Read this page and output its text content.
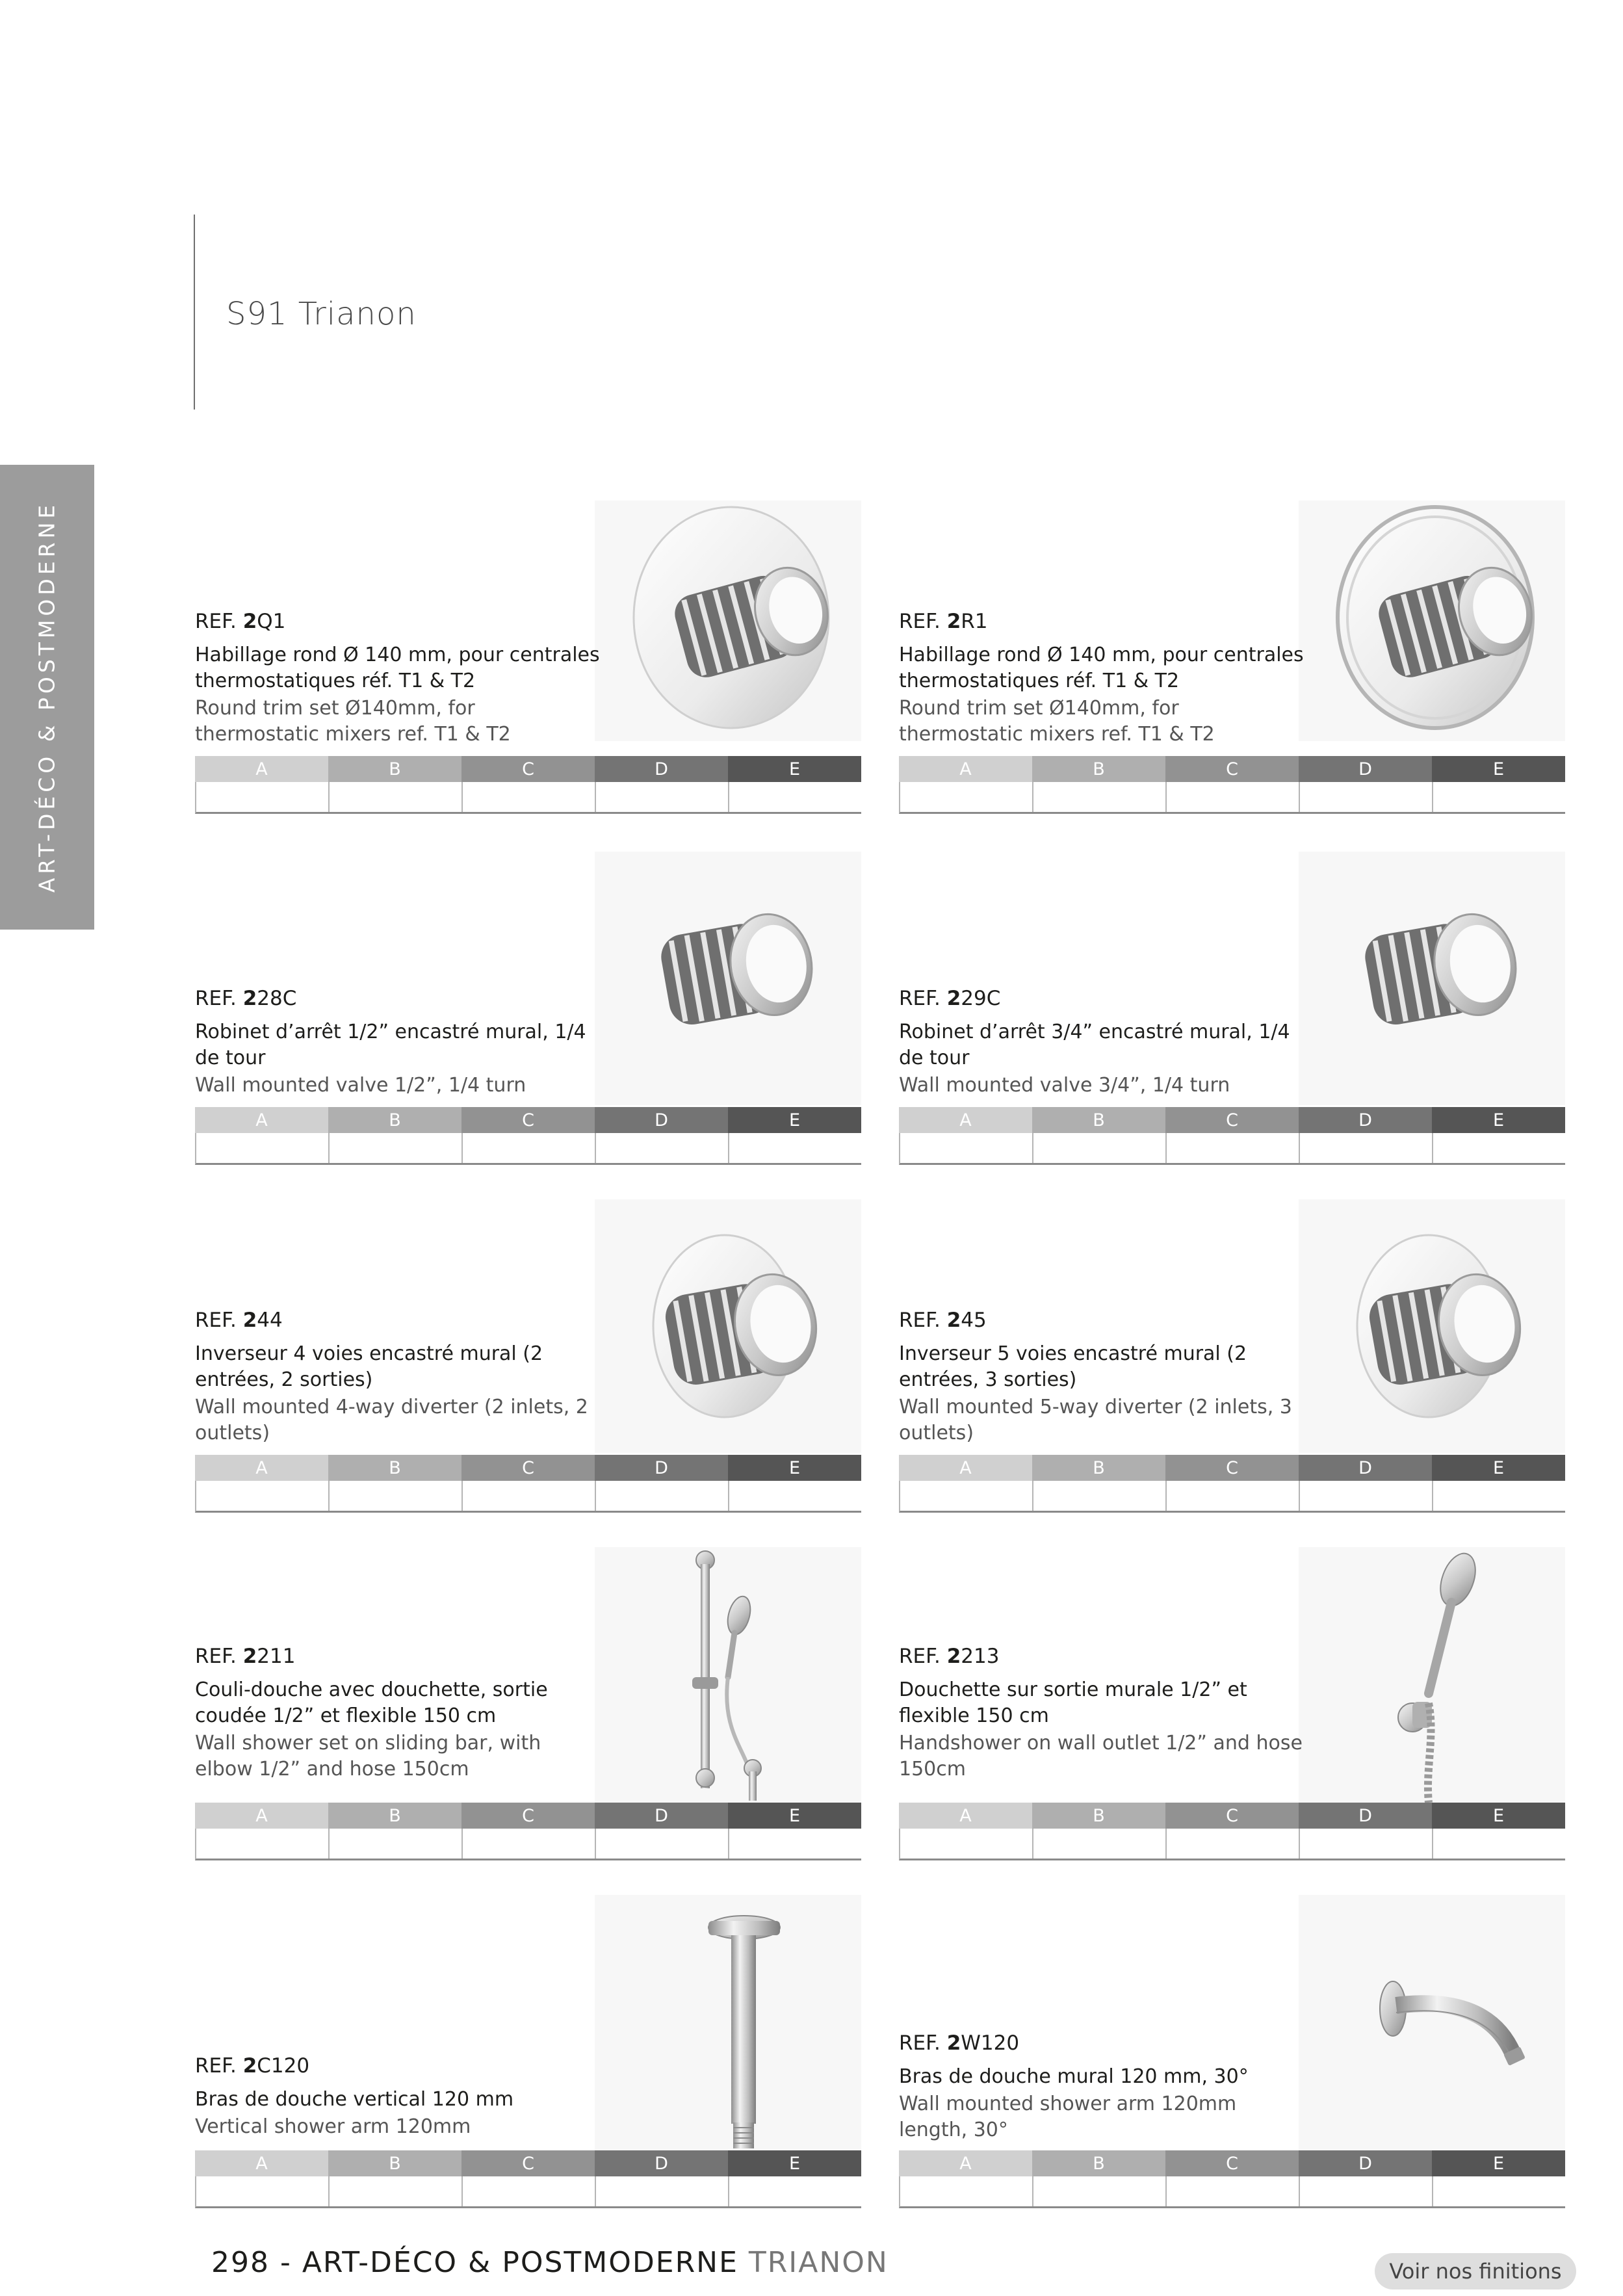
S91 Trianon
ART-DÉCO & POSTMODERNE	REF. 2Q1
Habillage rond Ø 140 mm, pour centrales thermostatiques réf. T1 & T2
Round trim set Ø140mm, for thermostatic mixers ref. T1 & T2
A	B	C	D	E
REF. 2R1
Habillage rond Ø 140 mm, pour centrales thermostatiques réf. T1 & T2
Round trim set Ø140mm, for thermostatic mixers ref. T1 & T2
A	B	C	D	E
REF. 228C
Robinet d’arrêt 1/2” encastré mural, 1/4 de tour
Wall mounted valve 1/2”, 1/4 turn
A	B	C	D	E
REF. 229C
Robinet d’arrêt 3/4” encastré mural, 1/4 de tour
Wall mounted valve 3/4”, 1/4 turn
A	B	C	D	E
REF. 244
Inverseur 4 voies encastré mural (2 entrées, 2 sorties)
Wall mounted 4-way diverter (2 inlets, 2 outlets)
A	B	C	D	E
REF. 245
Inverseur 5 voies encastré mural (2 entrées, 3 sorties)
Wall mounted 5-way diverter (2 inlets, 3 outlets)
A	B	C	D	E
REF. 2211
Couli-douche avec douchette, sortie coudée 1/2” et flexible 150 cm
Wall shower set on sliding bar, with elbow 1/2” and hose 150cm
A	B	C	D	E
REF. 2213
Douchette sur sortie murale 1/2” et flexible 150 cm
Handshower on wall outlet 1/2” and hose 150cm
A	B	C	D	E
REF. 2C120
Bras de douche vertical 120 mm
Vertical shower arm 120mm
A	B	C	D	E
REF. 2W120
Bras de douche mural 120 mm, 30°
Wall mounted shower arm 120mm length, 30°
A	B	C	D	E
298 - ART-DÉCO & POSTMODERNE TRIANON	Voir nos finitions
